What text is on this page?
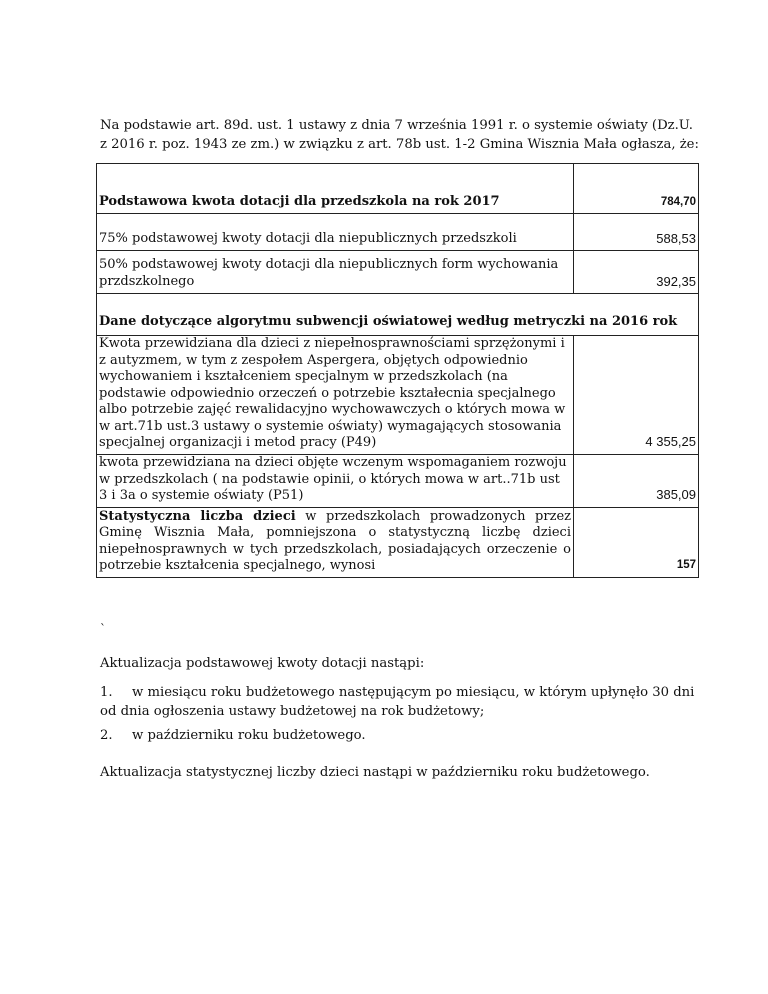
Na podstawie art. 89d. ust. 1 ustawy z dnia 7 września 1991 r. o systemie oświaty (Dz.U.
z 2016 r. poz. 1943 ze zm.) w związku z art. 78b ust. 1-2 Gmina Wisznia Mała ogłasza, że:
Podstawowa kwota dotacji dla przedszkola na rok 2017	784,70
75% podstawowej kwoty dotacji dla niepublicznych przedszkoli	588,53
50% podstawowej kwoty dotacji dla niepublicznych form wychowania przdszkolnego	392,35
Dane dotyczące algorytmu subwencji oświatowej według metryczki na 2016 rok	
Kwota przewidziana dla dzieci z niepełnosprawnościami sprzężonymi i z autyzmem, w tym z zespołem Aspergera, objętych odpowiednio wychowaniem i kształceniem specjalnym w przedszkolach (na podstawie odpowiednio orzeczeń o potrzebie kształecnia specjalnego albo potrzebie zajęć rewalidacyjno wychowawczych o których mowa w w art.71b ust.3 ustawy o systemie oświaty) wymagających stosowania specjalnej organizacji i metod pracy (P49)	4 355,25
kwota przewidziana na dzieci objęte wczenym wspomaganiem rozwoju w przedszkolach ( na podstawie opinii, o których mowa w art..71b ust 3 i 3a o systemie oświaty (P51)	385,09
Statystyczna liczba dzieci w przedszkolach prowadzonych przez Gminę Wisznia Mała, pomniejszona o statystyczną liczbę dzieci niepełnosprawnych w tych przedszkolach, posiadających orzeczenie o potrzebie kształcenia specjalnego, wynosi	157
`
Aktualizacja podstawowej kwoty dotacji nastąpi:
1. w miesiącu roku budżetowego następującym po miesiącu, w którym upłynęło 30 dni
od dnia ogłoszenia ustawy budżetowej na rok budżetowy;
2. w październiku roku budżetowego.
Aktualizacja statystycznej liczby dzieci nastąpi w październiku roku budżetowego.
